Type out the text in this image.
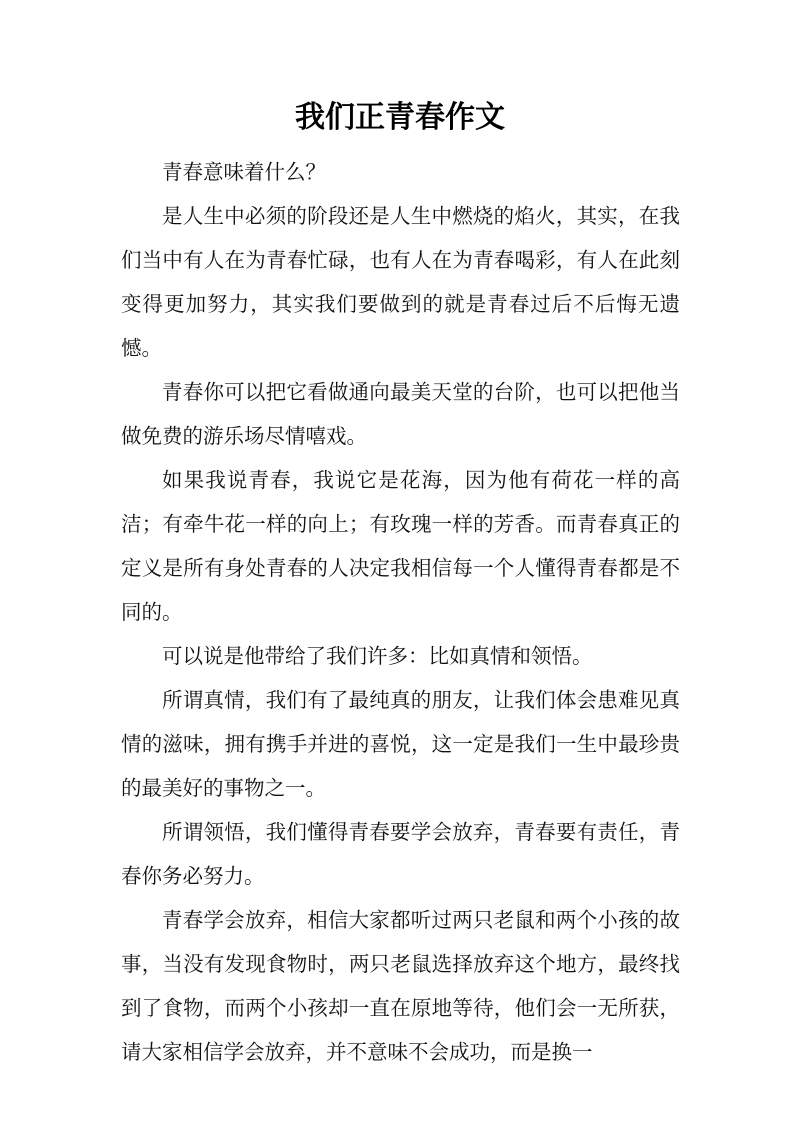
我们正青春作文

青春意味着什么？

是人生中必须的阶段还是人生中燃烧的焰火，其实，在我们当中有人在为青春忙碌，也有人在为青春喝彩，有人在此刻变得更加努力，其实我们要做到的就是青春过后不后悔无遗憾。

青春你可以把它看做通向最美天堂的台阶，也可以把他当做免费的游乐场尽情嘻戏。

如果我说青春，我说它是花海，因为他有荷花一样的高洁；有牵牛花一样的向上；有玫瑰一样的芳香。而青春真正的定义是所有身处青春的人决定我相信每一个人懂得青春都是不同的。

可以说是他带给了我们许多：比如真情和领悟。

所谓真情，我们有了最纯真的朋友，让我们体会患难见真情的滋味，拥有携手并进的喜悦，这一定是我们一生中最珍贵的最美好的事物之一。

所谓领悟，我们懂得青春要学会放弃，青春要有责任，青春你务必努力。

青春学会放弃，相信大家都听过两只老鼠和两个小孩的故事，当没有发现食物时，两只老鼠选择放弃这个地方，最终找到了食物，而两个小孩却一直在原地等待，他们会一无所获，请大家相信学会放弃，并不意味不会成功，而是换一
